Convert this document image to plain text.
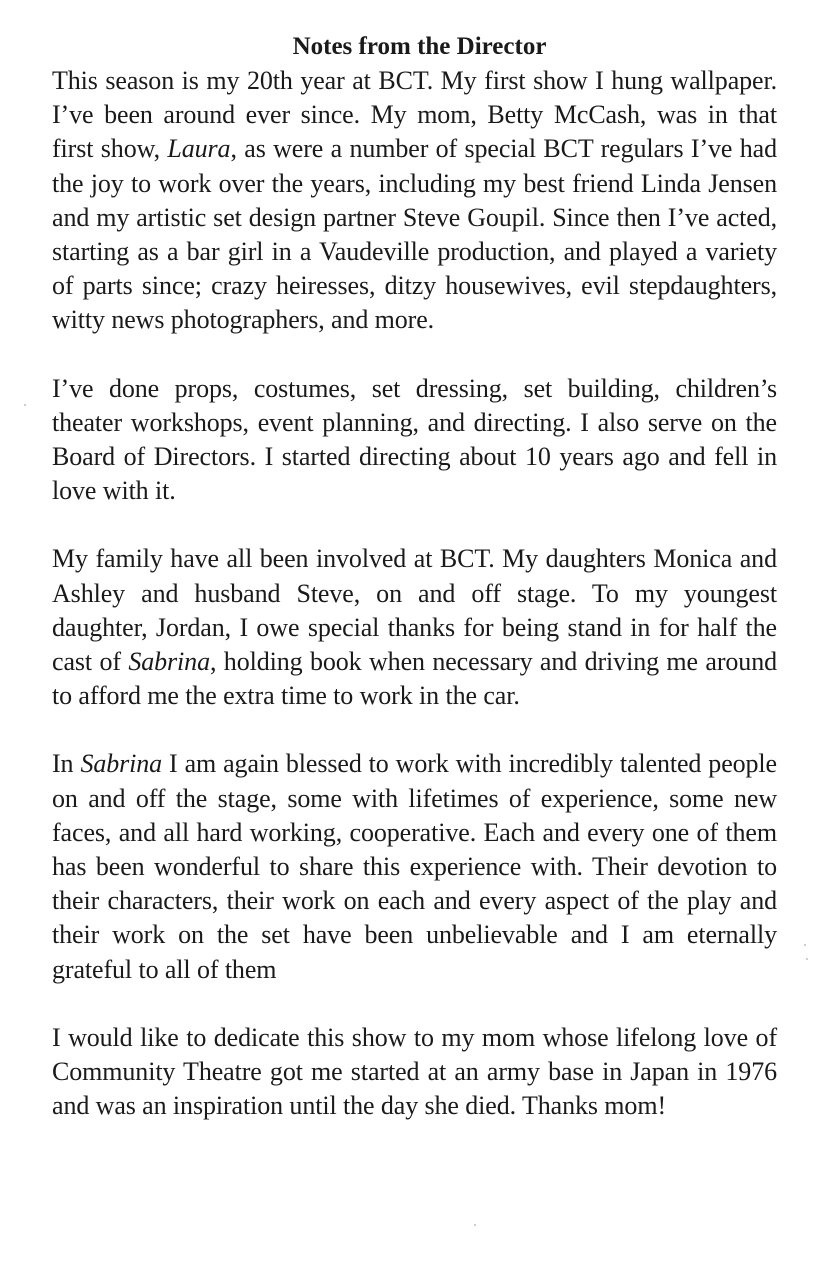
Notes from the Director

This season is my 20th year at BCT. My first show I hung wallpaper. I’ve been around ever since. My mom, Betty McCash, was in that first show, Laura, as were a number of special BCT regulars I’ve had the joy to work over the years, including my best friend Linda Jensen and my artistic set design partner Steve Goupil. Since then I’ve acted, starting as a bar girl in a Vaudeville production, and played a variety of parts since; crazy heiresses, ditzy housewives, evil stepdaughters, witty news photographers, and more.

I’ve done props, costumes, set dressing, set building, children’s theater workshops, event planning, and directing. I also serve on the Board of Directors. I started directing about 10 years ago and fell in love with it.

My family have all been involved at BCT. My daughters Monica and Ashley and husband Steve, on and off stage. To my youngest daughter, Jordan, I owe special thanks for being stand in for half the cast of Sabrina, holding book when necessary and driving me around to afford me the extra time to work in the car.

In Sabrina I am again blessed to work with incredibly talented people on and off the stage, some with lifetimes of experience, some new faces, and all hard working, cooperative. Each and every one of them has been wonderful to share this experience with. Their devotion to their characters, their work on each and every aspect of the play and their work on the set have been unbelievable and I am eternally grateful to all of them

I would like to dedicate this show to my mom whose lifelong love of Community Theatre got me started at an army base in Japan in 1976 and was an inspiration until the day she died. Thanks mom!
